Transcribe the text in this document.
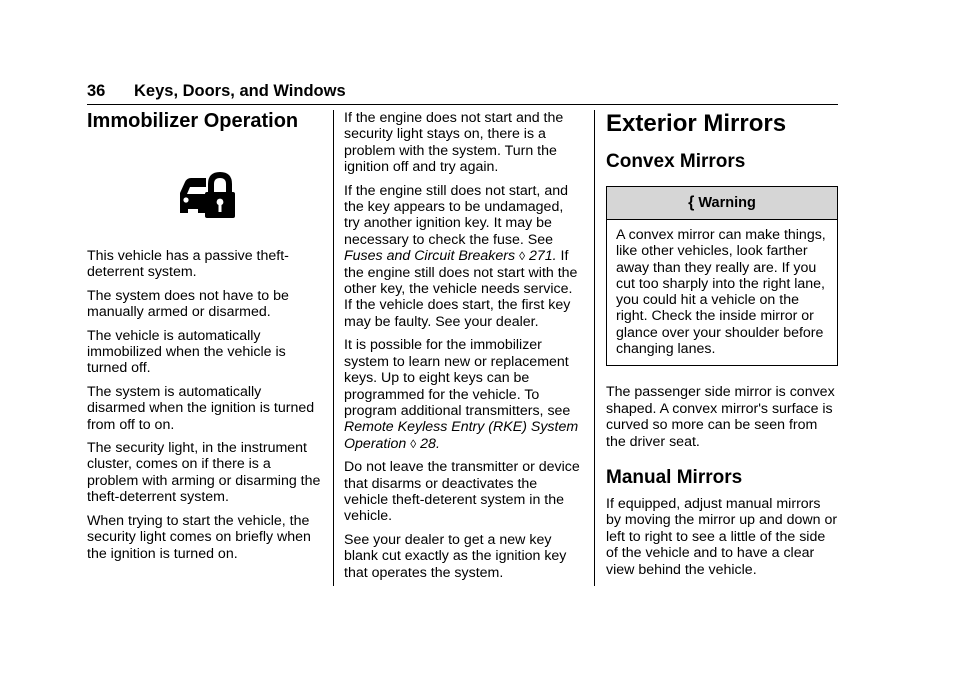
36 Keys, Doors, and Windows
Immobilizer Operation

This vehicle has a passive theft-deterrent system.

The system does not have to be manually armed or disarmed.

The vehicle is automatically immobilized when the vehicle is turned off.

The system is automatically disarmed when the ignition is turned from off to on.

The security light, in the instrument cluster, comes on if there is a problem with arming or disarming the theft-deterrent system.

When trying to start the vehicle, the security light comes on briefly when the ignition is turned on.

If the engine does not start and the security light stays on, there is a problem with the system. Turn the ignition off and try again.

If the engine still does not start, and the key appears to be undamaged, try another ignition key. It may be necessary to check the fuse. See Fuses and Circuit Breakers ◊ 271. If the engine still does not start with the other key, the vehicle needs service. If the vehicle does start, the first key may be faulty. See your dealer.

It is possible for the immobilizer system to learn new or replacement keys. Up to eight keys can be programmed for the vehicle. To program additional transmitters, see Remote Keyless Entry (RKE) System Operation ◊ 28.

Do not leave the transmitter or device that disarms or deactivates the vehicle theft-deterent system in the vehicle.

See your dealer to get a new key blank cut exactly as the ignition key that operates the system.

Exterior Mirrors
Convex Mirrors
{ Warning

A convex mirror can make things, like other vehicles, look farther away than they really are. If you cut too sharply into the right lane, you could hit a vehicle on the right. Check the inside mirror or glance over your shoulder before changing lanes.

The passenger side mirror is convex shaped. A convex mirror's surface is curved so more can be seen from the driver seat.

Manual Mirrors

If equipped, adjust manual mirrors by moving the mirror up and down or left to right to see a little of the side of the vehicle and to have a clear view behind the vehicle.
